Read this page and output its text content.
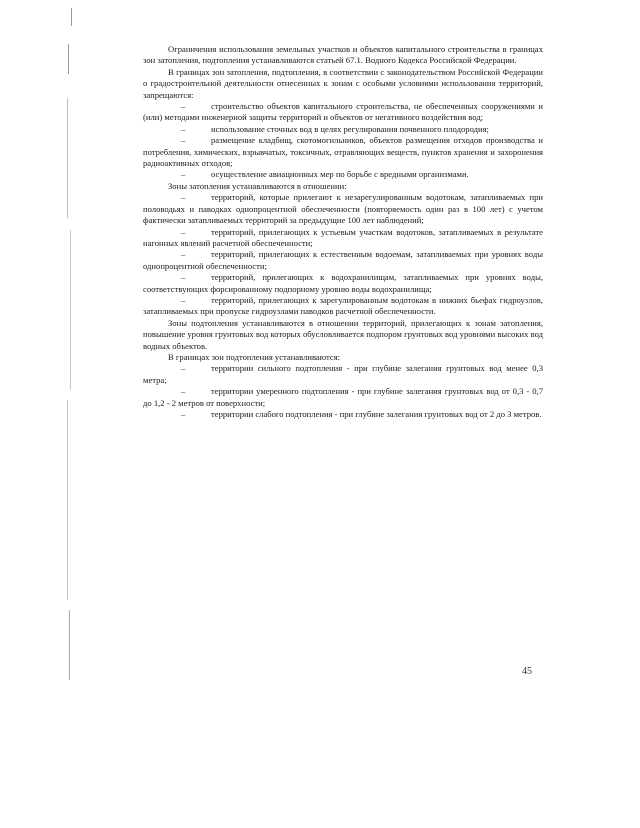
Ограничения использования земельных участков и объектов капитального строительства в границах зон затопления, подтопления устанавливаются статьей 67.1. Водного Кодекса Российской Федерации.

В границах зон затопления, подтопления, в соответствии с законодательством Российской Федерации о градостроительной деятельности отнесенных к зонам с особыми условиями использования территорий, запрещаются:

–	строительство объектов капитального строительства, не обеспеченных сооружениями и (или) методами инженерной защиты территорий и объектов от негативного воздействия вод;

–	использование сточных вод в целях регулирования почвенного плодородия;

–	размещение кладбищ, скотомогильников, объектов размещения отходов производства и потребления, химических, взрывчатых, токсичных, отравляющих веществ, пунктов хранения и захоронения радиоактивных отходов;

–	осуществление авиационных мер по борьбе с вредными организмами.

Зоны затопления устанавливаются в отношении:

–	территорий, которые прилегают к незарегулированным водотокам, затапливаемых при половодьях и паводках однопроцентной обеспеченности (повторяемость один раз в 100 лет) с учетом фактически затапливаемых территорий за предыдущие 100 лет наблюдений;

–	территорий, прилегающих к устьевым участкам водотоков, затапливаемых в результате нагонных явлений расчетной обеспеченности;

–	территорий, прилегающих к естественным водоемам, затапливаемых при уровнях воды однопроцентной обеспеченности;

–	территорий, прилегающих к водохранилищам, затапливаемых при уровнях воды, соответствующих форсированному подпорному уровню воды водохранилища;

–	территорий, прилегающих к зарегулированным водотокам в нижних бьефах гидроузлов, затапливаемых при пропуске гидроузлами паводков расчетной обеспеченности.

Зоны подтопления устанавливаются в отношении территорий, прилегающих к зонам затопления, повышение уровня грунтовых вод которых обусловливается подпором грунтовых вод уровнями высоких вод водных объектов.

В границах зон подтопления устанавливаются:

–	территории сильного подтопления - при глубине залегания грунтовых вод менее 0,3 метра;

–	территории умеренного подтопления - при глубине залегания грунтовых вод от 0,3 - 0,7 до 1,2 - 2 метров от поверхности;

–	территории слабого подтопления - при глубине залегания грунтовых вод от 2 до 3 метров.

45
